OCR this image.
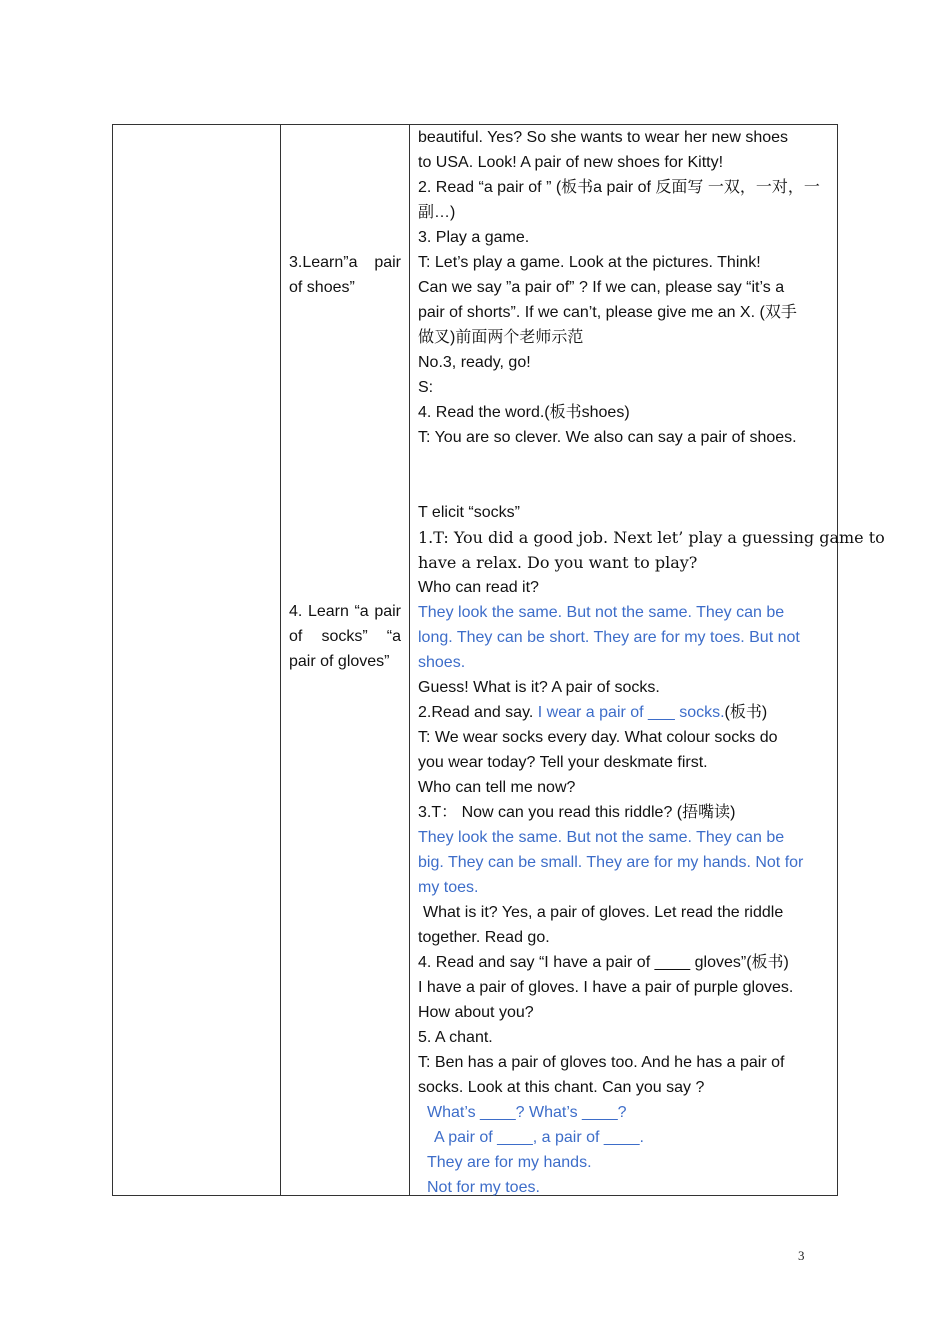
3.Learn”a pair of shoes”

4. Learn “a pair of socks” “a pair of gloves”

beautiful. Yes? So she wants to wear her new shoes

to USA. Look! A pair of new shoes for Kitty!

2. Read “a pair of ” (板书a pair of 反面写 一双，一对，一

副…)

3. Play a game.

T: Let’s play a game. Look at the pictures. Think!

Can we say ”a pair of” ? If we can, please say “it’s a

pair of shorts”. If we can’t, please give me an X. (双手

做叉)前面两个老师示范

No.3, ready, go!

S:

4. Read the word.(板书shoes)

T: You are so clever. We also can say a pair of shoes.

T elicit “socks”

1.T: You did a good job. Next let’ play a guessing game to

have a relax. Do you want to play?

Who can read it?

They look the same. But not the same. They can be

long. They can be short. They are for my toes. But not

shoes.

Guess! What is it? A pair of socks.

2.Read and say. I wear a pair of ___ socks.(板书)

T: We wear socks every day. What colour socks do

you wear today? Tell your deskmate first.

Who can tell me now?

3.T： Now can you read this riddle? (捂嘴读)

They look the same. But not the same. They can be

big. They can be small. They are for my hands. Not for

my toes.

What is it? Yes, a pair of gloves. Let read the riddle

together. Read go.

4. Read and say “I have a pair of ____ gloves”(板书)

I have a pair of gloves. I have a pair of purple gloves.

How about you?

5. A chant.

T: Ben has a pair of gloves too. And he has a pair of

socks. Look at this chant. Can you say ?

What’s ____? What’s ____?

A pair of ____, a pair of ____.

They are for my hands.

Not for my toes.

3
